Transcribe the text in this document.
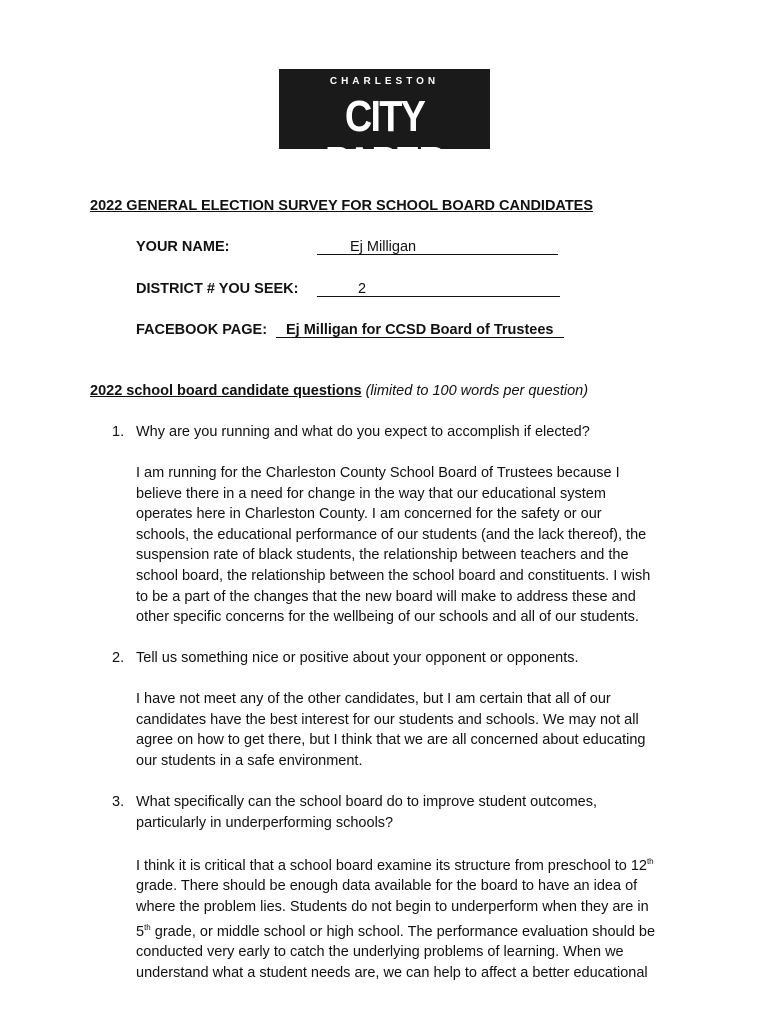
CHARLESTON
CITY PAPER
2022 GENERAL ELECTION SURVEY FOR SCHOOL BOARD CANDIDATES
YOUR NAME:	Ej Milligan
DISTRICT # YOU SEEK:	2
FACEBOOK PAGE: Ej Milligan for CCSD Board of Trustees
2022 school board candidate questions (limited to 100 words per question)
1. Why are you running and what do you expect to accomplish if elected?
I am running for the Charleston County School Board of Trustees because I
believe there in a need for change in the way that our educational system
operates here in Charleston County. I am concerned for the safety or our
schools, the educational performance of our students (and the lack thereof), the
suspension rate of black students, the relationship between teachers and the
school board, the relationship between the school board and constituents. I wish
to be a part of the changes that the new board will make to address these and
other specific concerns for the wellbeing of our schools and all of our students.
2. Tell us something nice or positive about your opponent or opponents.
I have not meet any of the other candidates, but I am certain that all of our
candidates have the best interest for our students and schools. We may not all
agree on how to get there, but I think that we are all concerned about educating
our students in a safe environment.
3. What specifically can the school board do to improve student outcomes,
particularly in underperforming schools?
I think it is critical that a school board examine its structure from preschool to 12th
grade. There should be enough data available for the board to have an idea of
where the problem lies. Students do not begin to underperform when they are in
5th grade, or middle school or high school. The performance evaluation should be
conducted very early to catch the underlying problems of learning. When we
understand what a student needs are, we can help to affect a better educational
